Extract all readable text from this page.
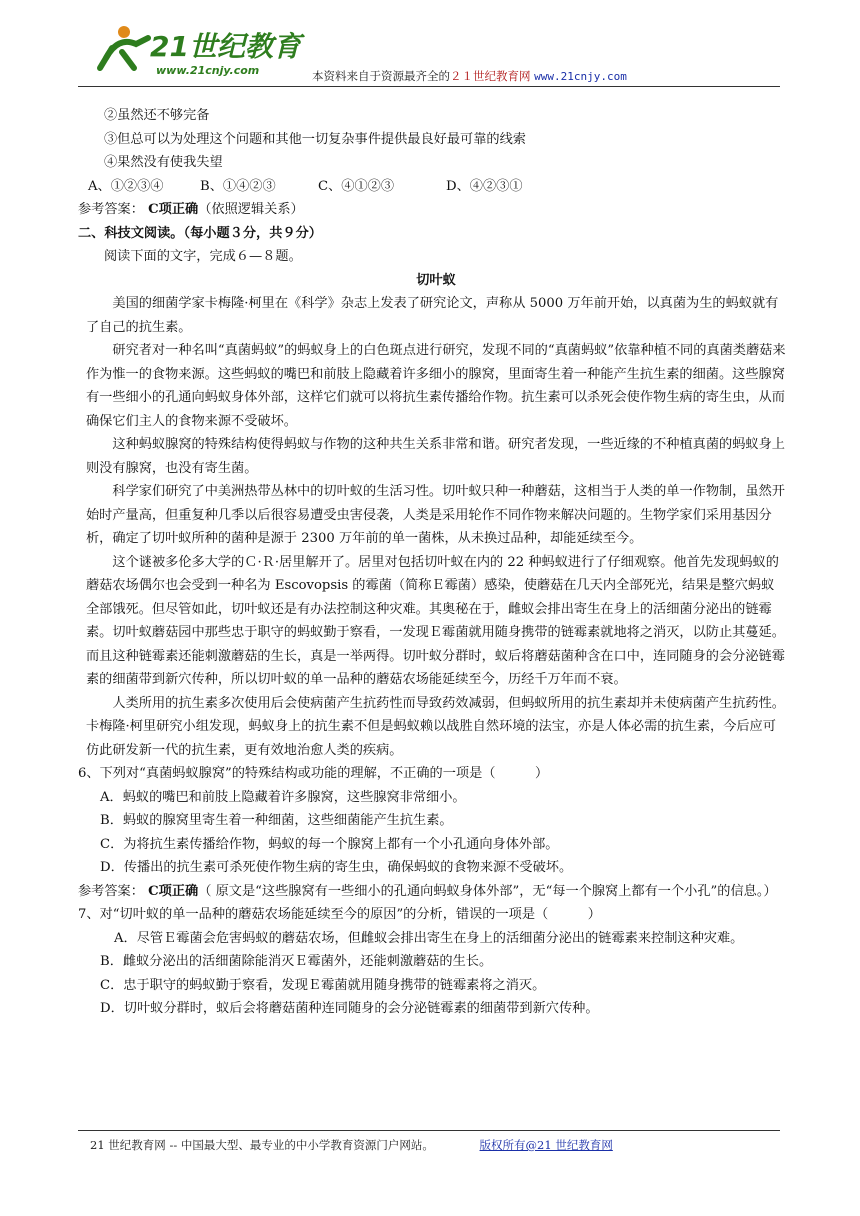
21世纪教育
www.21cnjy.com	本资料来自于资源最齐全的２１世纪教育网 www.21cnjy.com

②虽然还不够完备

③但总可以为处理这个问题和其他一切复杂事件提供最良好最可靠的线索

④果然没有使我失望

A、①②③④	B、①④②③	C、④①②③	D、④②③①

参考答案： C项正确（依照逻辑关系）

二、科技文阅读。（每小题３分，共９分）

阅读下面的文字，完成６—８题。

切叶蚁

美国的细菌学家卡梅隆·柯里在《科学》杂志上发表了研究论文，声称从 5000 万年前开始，以真菌为生的蚂蚁就有了自己的抗生素。

研究者对一种名叫“真菌蚂蚁”的蚂蚁身上的白色斑点进行研究，发现不同的“真菌蚂蚁”依靠种植不同的真菌类蘑菇来作为惟一的食物来源。这些蚂蚁的嘴巴和前肢上隐藏着许多细小的腺窝，里面寄生着一种能产生抗生素的细菌。这些腺窝有一些细小的孔通向蚂蚁身体外部，这样它们就可以将抗生素传播给作物。抗生素可以杀死会使作物生病的寄生虫，从而确保它们主人的食物来源不受破坏。

这种蚂蚁腺窝的特殊结构使得蚂蚁与作物的这种共生关系非常和谐。研究者发现，一些近缘的不种植真菌的蚂蚁身上则没有腺窝，也没有寄生菌。

科学家们研究了中美洲热带丛林中的切叶蚁的生活习性。切叶蚁只种一种蘑菇，这相当于人类的单一作物制，虽然开始时产量高，但重复种几季以后很容易遭受虫害侵袭，人类是采用轮作不同作物来解决问题的。生物学家们采用基因分析，确定了切叶蚁所种的菌种是源于 2300 万年前的单一菌株，从未换过品种，却能延续至今。

这个谜被多伦多大学的Ｃ·Ｒ·居里解开了。居里对包括切叶蚁在内的 22 种蚂蚁进行了仔细观察。他首先发现蚂蚁的蘑菇农场偶尔也会受到一种名为 Escovopsis 的霉菌（简称Ｅ霉菌）感染，使蘑菇在几天内全部死光，结果是整穴蚂蚁全部饿死。但尽管如此，切叶蚁还是有办法控制这种灾难。其奥秘在于，雌蚁会排出寄生在身上的活细菌分泌出的链霉素。切叶蚁蘑菇园中那些忠于职守的蚂蚁勤于察看，一发现Ｅ霉菌就用随身携带的链霉素就地将之消灭，以防止其蔓延。而且这种链霉素还能刺激蘑菇的生长，真是一举两得。切叶蚁分群时，蚁后将蘑菇菌种含在口中，连同随身的会分泌链霉素的细菌带到新穴传种，所以切叶蚁的单一品种的蘑菇农场能延续至今，历经千万年而不衰。

人类所用的抗生素多次使用后会使病菌产生抗药性而导致药效减弱，但蚂蚁所用的抗生素却并未使病菌产生抗药性。卡梅隆·柯里研究小组发现，蚂蚁身上的抗生素不但是蚂蚁赖以战胜自然环境的法宝，亦是人体必需的抗生素，今后应可仿此研发新一代的抗生素，更有效地治愈人类的疾病。

6、下列对“真菌蚂蚁腺窝”的特殊结构或功能的理解，不正确的一项是（　　　）

A．蚂蚁的嘴巴和前肢上隐藏着许多腺窝，这些腺窝非常细小。

B．蚂蚁的腺窝里寄生着一种细菌，这些细菌能产生抗生素。

C．为将抗生素传播给作物，蚂蚁的每一个腺窝上都有一个小孔通向身体外部。

D．传播出的抗生素可杀死使作物生病的寄生虫，确保蚂蚁的食物来源不受破坏。

参考答案： C项正确（ 原文是“这些腺窝有一些细小的孔通向蚂蚁身体外部”，无“每一个腺窝上都有一个小孔”的信息。）

7、对“切叶蚁的单一品种的蘑菇农场能延续至今的原因”的分析，错误的一项是（　　　）

A．尽管Ｅ霉菌会危害蚂蚁的蘑菇农场，但雌蚁会排出寄生在身上的活细菌分泌出的链霉素来控制这种灾难。

B．雌蚁分泌出的活细菌除能消灭Ｅ霉菌外，还能刺激蘑菇的生长。

C．忠于职守的蚂蚁勤于察看，发现Ｅ霉菌就用随身携带的链霉素将之消灭。

D．切叶蚁分群时，蚁后会将蘑菇菌种连同随身的会分泌链霉素的细菌带到新穴传种。

21 世纪教育网 -- 中国最大型、最专业的中小学教育资源门户网站。	版权所有@21 世纪教育网
